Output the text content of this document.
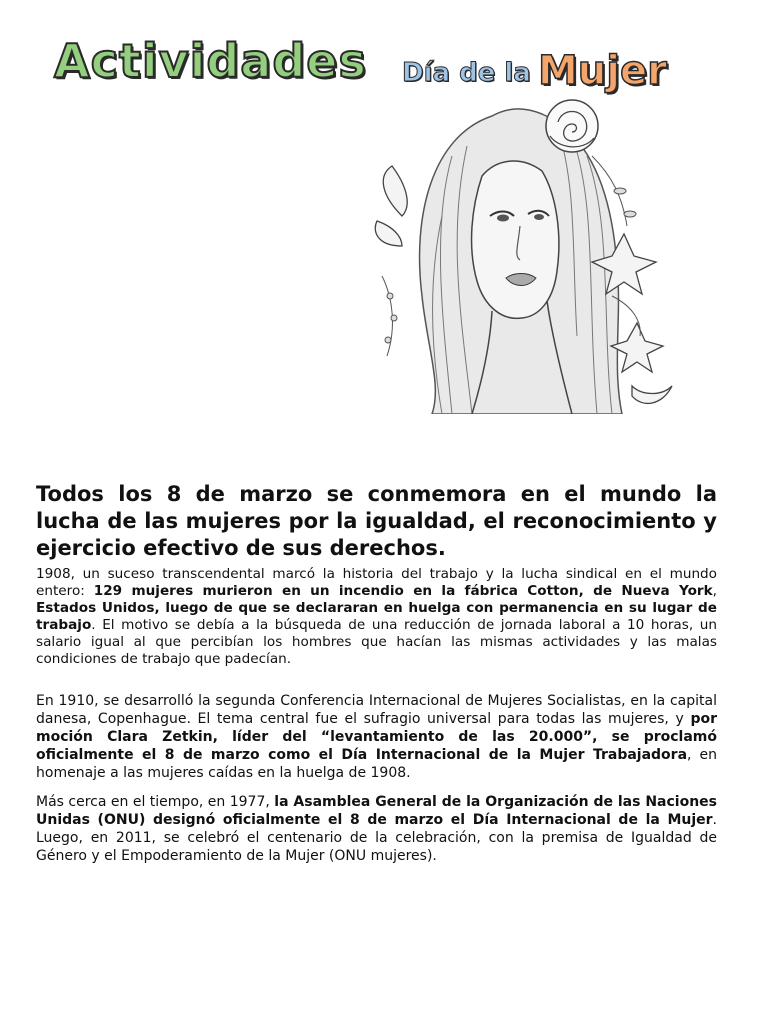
Actividades Día de la Mujer
Todos los 8 de marzo se conmemora en el mundo la lucha de las mujeres por la igualdad, el reconocimiento y ejercicio efectivo de sus derechos.

1908, un suceso transcendental marcó la historia del trabajo y la lucha sindical en el mundo entero: 129 mujeres murieron en un incendio en la fábrica Cotton, de Nueva York, Estados Unidos, luego de que se declararan en huelga con permanencia en su lugar de trabajo. El motivo se debía a la búsqueda de una reducción de jornada laboral a 10 horas, un salario igual al que percibían los hombres que hacían las mismas actividades y las malas condiciones de trabajo que padecían.

En 1910, se desarrolló la segunda Conferencia Internacional de Mujeres Socialistas, en la capital danesa, Copenhague. El tema central fue el sufragio universal para todas las mujeres, y por moción Clara Zetkin, líder del “levantamiento de las 20.000”, se proclamó oficialmente el 8 de marzo como el Día Internacional de la Mujer Trabajadora, en homenaje a las mujeres caídas en la huelga de 1908.

Más cerca en el tiempo, en 1977, la Asamblea General de la Organización de las Naciones Unidas (ONU) designó oficialmente el 8 de marzo el Día Internacional de la Mujer. Luego, en 2011, se celebró el centenario de la celebración, con la premisa de Igualdad de Género y el Empoderamiento de la Mujer (ONU mujeres).
